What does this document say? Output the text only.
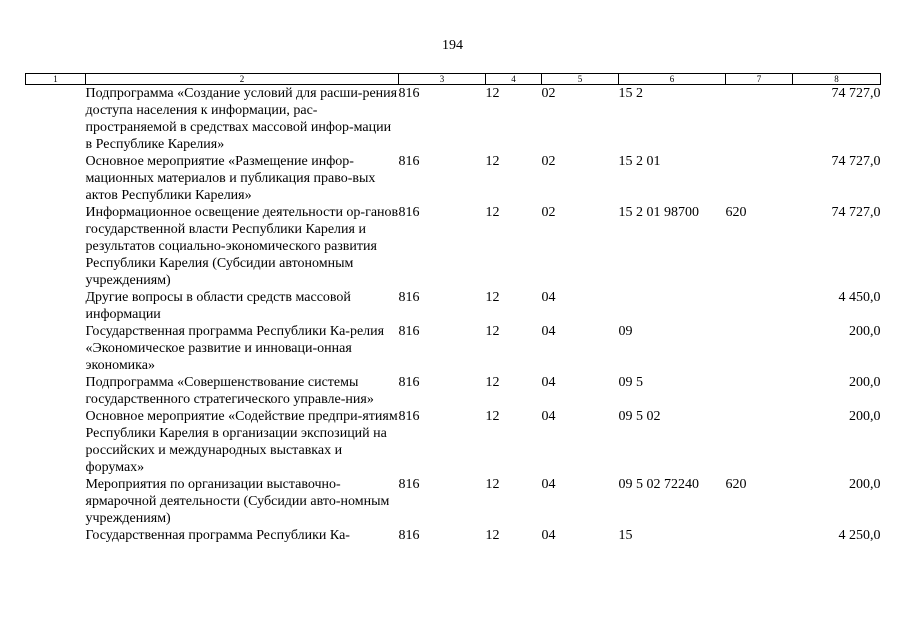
194
1	2	3	4	5	6	7	8
	Подпрограмма «Создание условий для расши-рения доступа населения к информации, рас-пространяемой в средствах массовой инфор-мации в Республике Карелия»	816	12	02	15 2		74 727,0
	Основное мероприятие «Размещение инфор-мационных материалов и публикация право-вых актов Республики Карелия»	816	12	02	15 2 01		74 727,0
	Информационное освещение деятельности ор-ганов государственной власти Республики Карелия и результатов социально-экономического развития Республики Карелия (Субсидии автономным учреждениям)	816	12	02	15 2 01 98700	620	74 727,0
	Другие вопросы в области средств массовой информации	816	12	04			4 450,0
	Государственная программа Республики Ка-релия «Экономическое развитие и инноваци-онная экономика»	816	12	04	09		200,0
	Подпрограмма «Совершенствование системы государственного стратегического управле-ния»	816	12	04	09 5		200,0
	Основное мероприятие «Содействие предпри-ятиям Республики Карелия в организации экспозиций на российских и международных выставках и форумах»	816	12	04	09 5 02		200,0
	Мероприятия по организации выставочно-ярмарочной деятельности (Субсидии авто-номным учреждениям)	816	12	04	09 5 02 72240	620	200,0
	Государственная программа Республики Ка-	816	12	04	15		4 250,0
